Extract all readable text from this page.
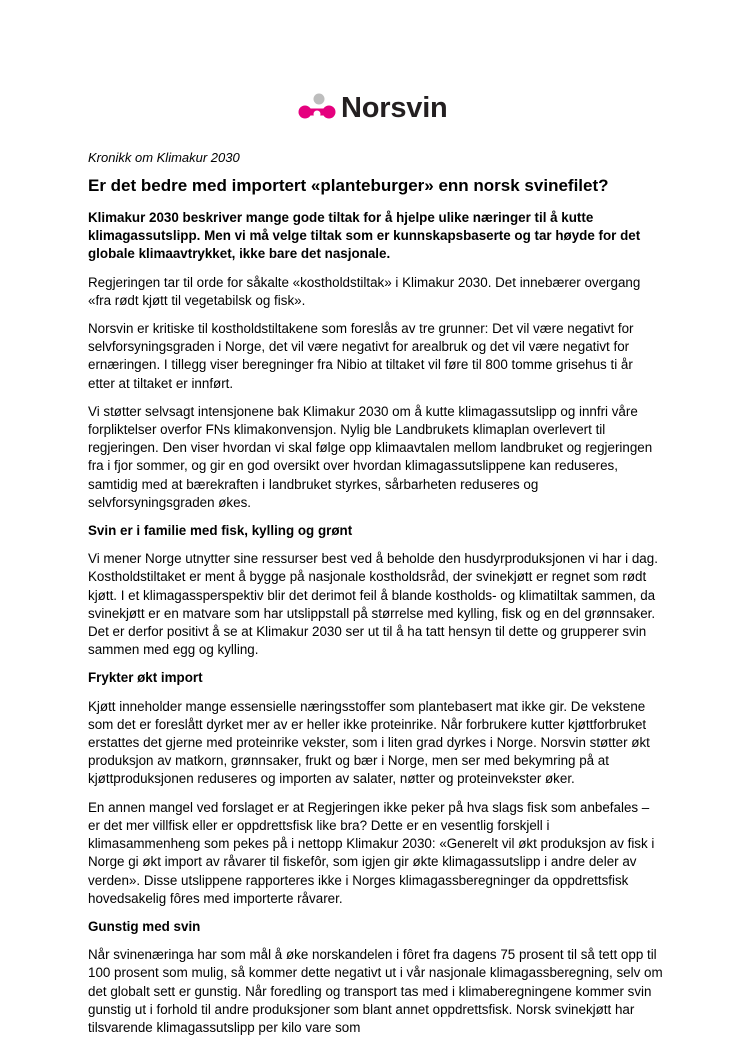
Norsvin
Kronikk om Klimakur 2030
Er det bedre med importert «planteburger» enn norsk svinefilet?

Klimakur 2030 beskriver mange gode tiltak for å hjelpe ulike næringer til å kutte klimagassutslipp. Men vi må velge tiltak som er kunnskapsbaserte og tar høyde for det globale klimaavtrykket, ikke bare det nasjonale.

Regjeringen tar til orde for såkalte «kostholdstiltak» i Klimakur 2030. Det innebærer overgang «fra rødt kjøtt til vegetabilsk og fisk».

Norsvin er kritiske til kostholdstiltakene som foreslås av tre grunner: Det vil være negativt for selvforsyningsgraden i Norge, det vil være negativt for arealbruk og det vil være negativt for ernæringen. I tillegg viser beregninger fra Nibio at tiltaket vil føre til 800 tomme grisehus ti år etter at tiltaket er innført.

Vi støtter selvsagt intensjonene bak Klimakur 2030 om å kutte klimagassutslipp og innfri våre forpliktelser overfor FNs klimakonvensjon. Nylig ble Landbrukets klimaplan overlevert til regjeringen. Den viser hvordan vi skal følge opp klimaavtalen mellom landbruket og regjeringen fra i fjor sommer, og gir en god oversikt over hvordan klimagassutslippene kan reduseres, samtidig med at bærekraften i landbruket styrkes, sårbarheten reduseres og selvforsyningsgraden økes.

Svin er i familie med fisk, kylling og grønt

Vi mener Norge utnytter sine ressurser best ved å beholde den husdyrproduksjonen vi har i dag. Kostholdstiltaket er ment å bygge på nasjonale kostholdsråd, der svinekjøtt er regnet som rødt kjøtt. I et klimagassperspektiv blir det derimot feil å blande kostholds- og klimatiltak sammen, da svinekjøtt er en matvare som har utslippstall på størrelse med kylling, fisk og en del grønnsaker. Det er derfor positivt å se at Klimakur 2030 ser ut til å ha tatt hensyn til dette og grupperer svin sammen med egg og kylling.

Frykter økt import

Kjøtt inneholder mange essensielle næringsstoffer som plantebasert mat ikke gir. De vekstene som det er foreslått dyrket mer av er heller ikke proteinrike. Når forbrukere kutter kjøttforbruket erstattes det gjerne med proteinrike vekster, som i liten grad dyrkes i Norge. Norsvin støtter økt produksjon av matkorn, grønnsaker, frukt og bær i Norge, men ser med bekymring på at kjøttproduksjonen reduseres og importen av salater, nøtter og proteinvekster øker.

En annen mangel ved forslaget er at Regjeringen ikke peker på hva slags fisk som anbefales – er det mer villfisk eller er oppdrettsfisk like bra? Dette er en vesentlig forskjell i klimasammenheng som pekes på i nettopp Klimakur 2030: «Generelt vil økt produksjon av fisk i Norge gi økt import av råvarer til fiskefôr, som igjen gir økte klimagassutslipp i andre deler av verden». Disse utslippene rapporteres ikke i Norges klimagassberegninger da oppdrettsfisk hovedsakelig fôres med importerte råvarer.

Gunstig med svin

Når svinenæringa har som mål å øke norskandelen i fôret fra dagens 75 prosent til så tett opp til 100 prosent som mulig, så kommer dette negativt ut i vår nasjonale klimagassberegning, selv om det globalt sett er gunstig. Når foredling og transport tas med i klimaberegningene kommer svin gunstig ut i forhold til andre produksjoner som blant annet oppdrettsfisk. Norsk svinekjøtt har tilsvarende klimagassutslipp per kilo vare som
